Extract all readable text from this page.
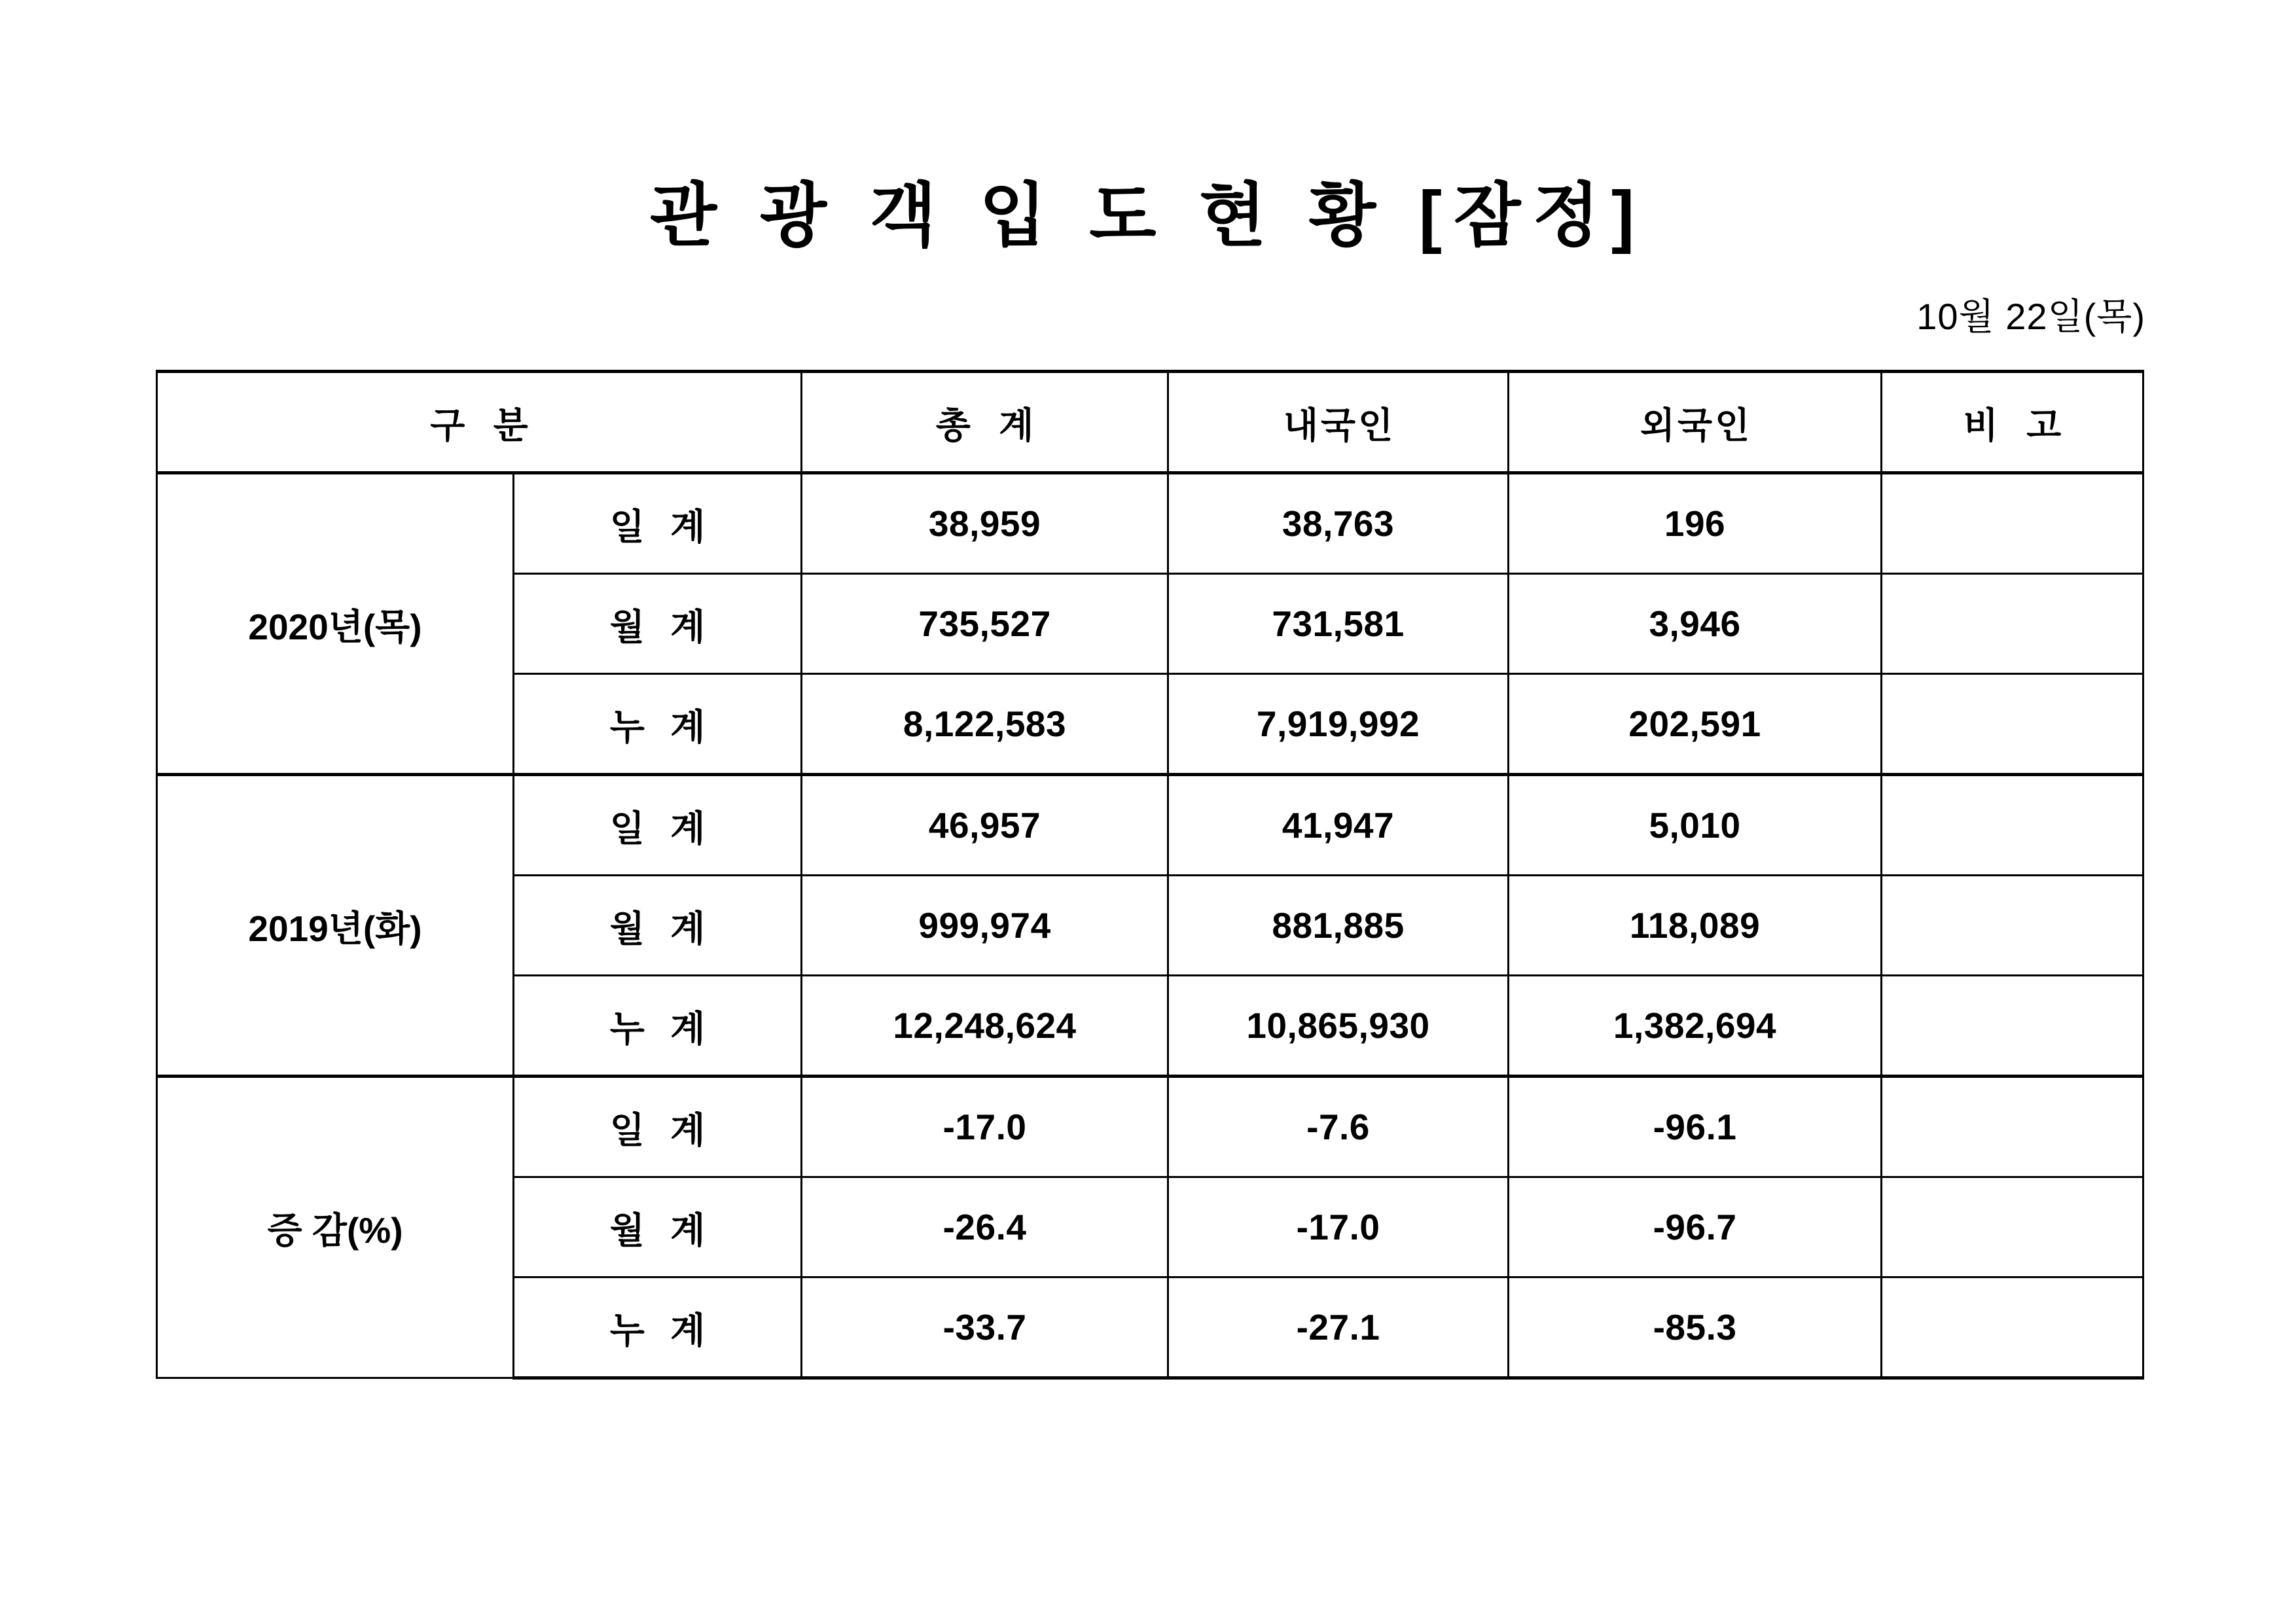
관 광 객 입 도 현 황 [잠정]
10월 22일(목)
구 분		총 계	내국인	외국인	비 고
2020년(목)	일 계	38,959	38,763	196	
	월 계	735,527	731,581	3,946	
	누 계	8,122,583	7,919,992	202,591	
2019년(화)	일 계	46,957	41,947	5,010	
	월 계	999,974	881,885	118,089	
	누 계	12,248,624	10,865,930	1,382,694	
증 감(%)	일 계	-17.0	-7.6	-96.1	
	월 계	-26.4	-17.0	-96.7	
	누 계	-33.7	-27.1	-85.3	
